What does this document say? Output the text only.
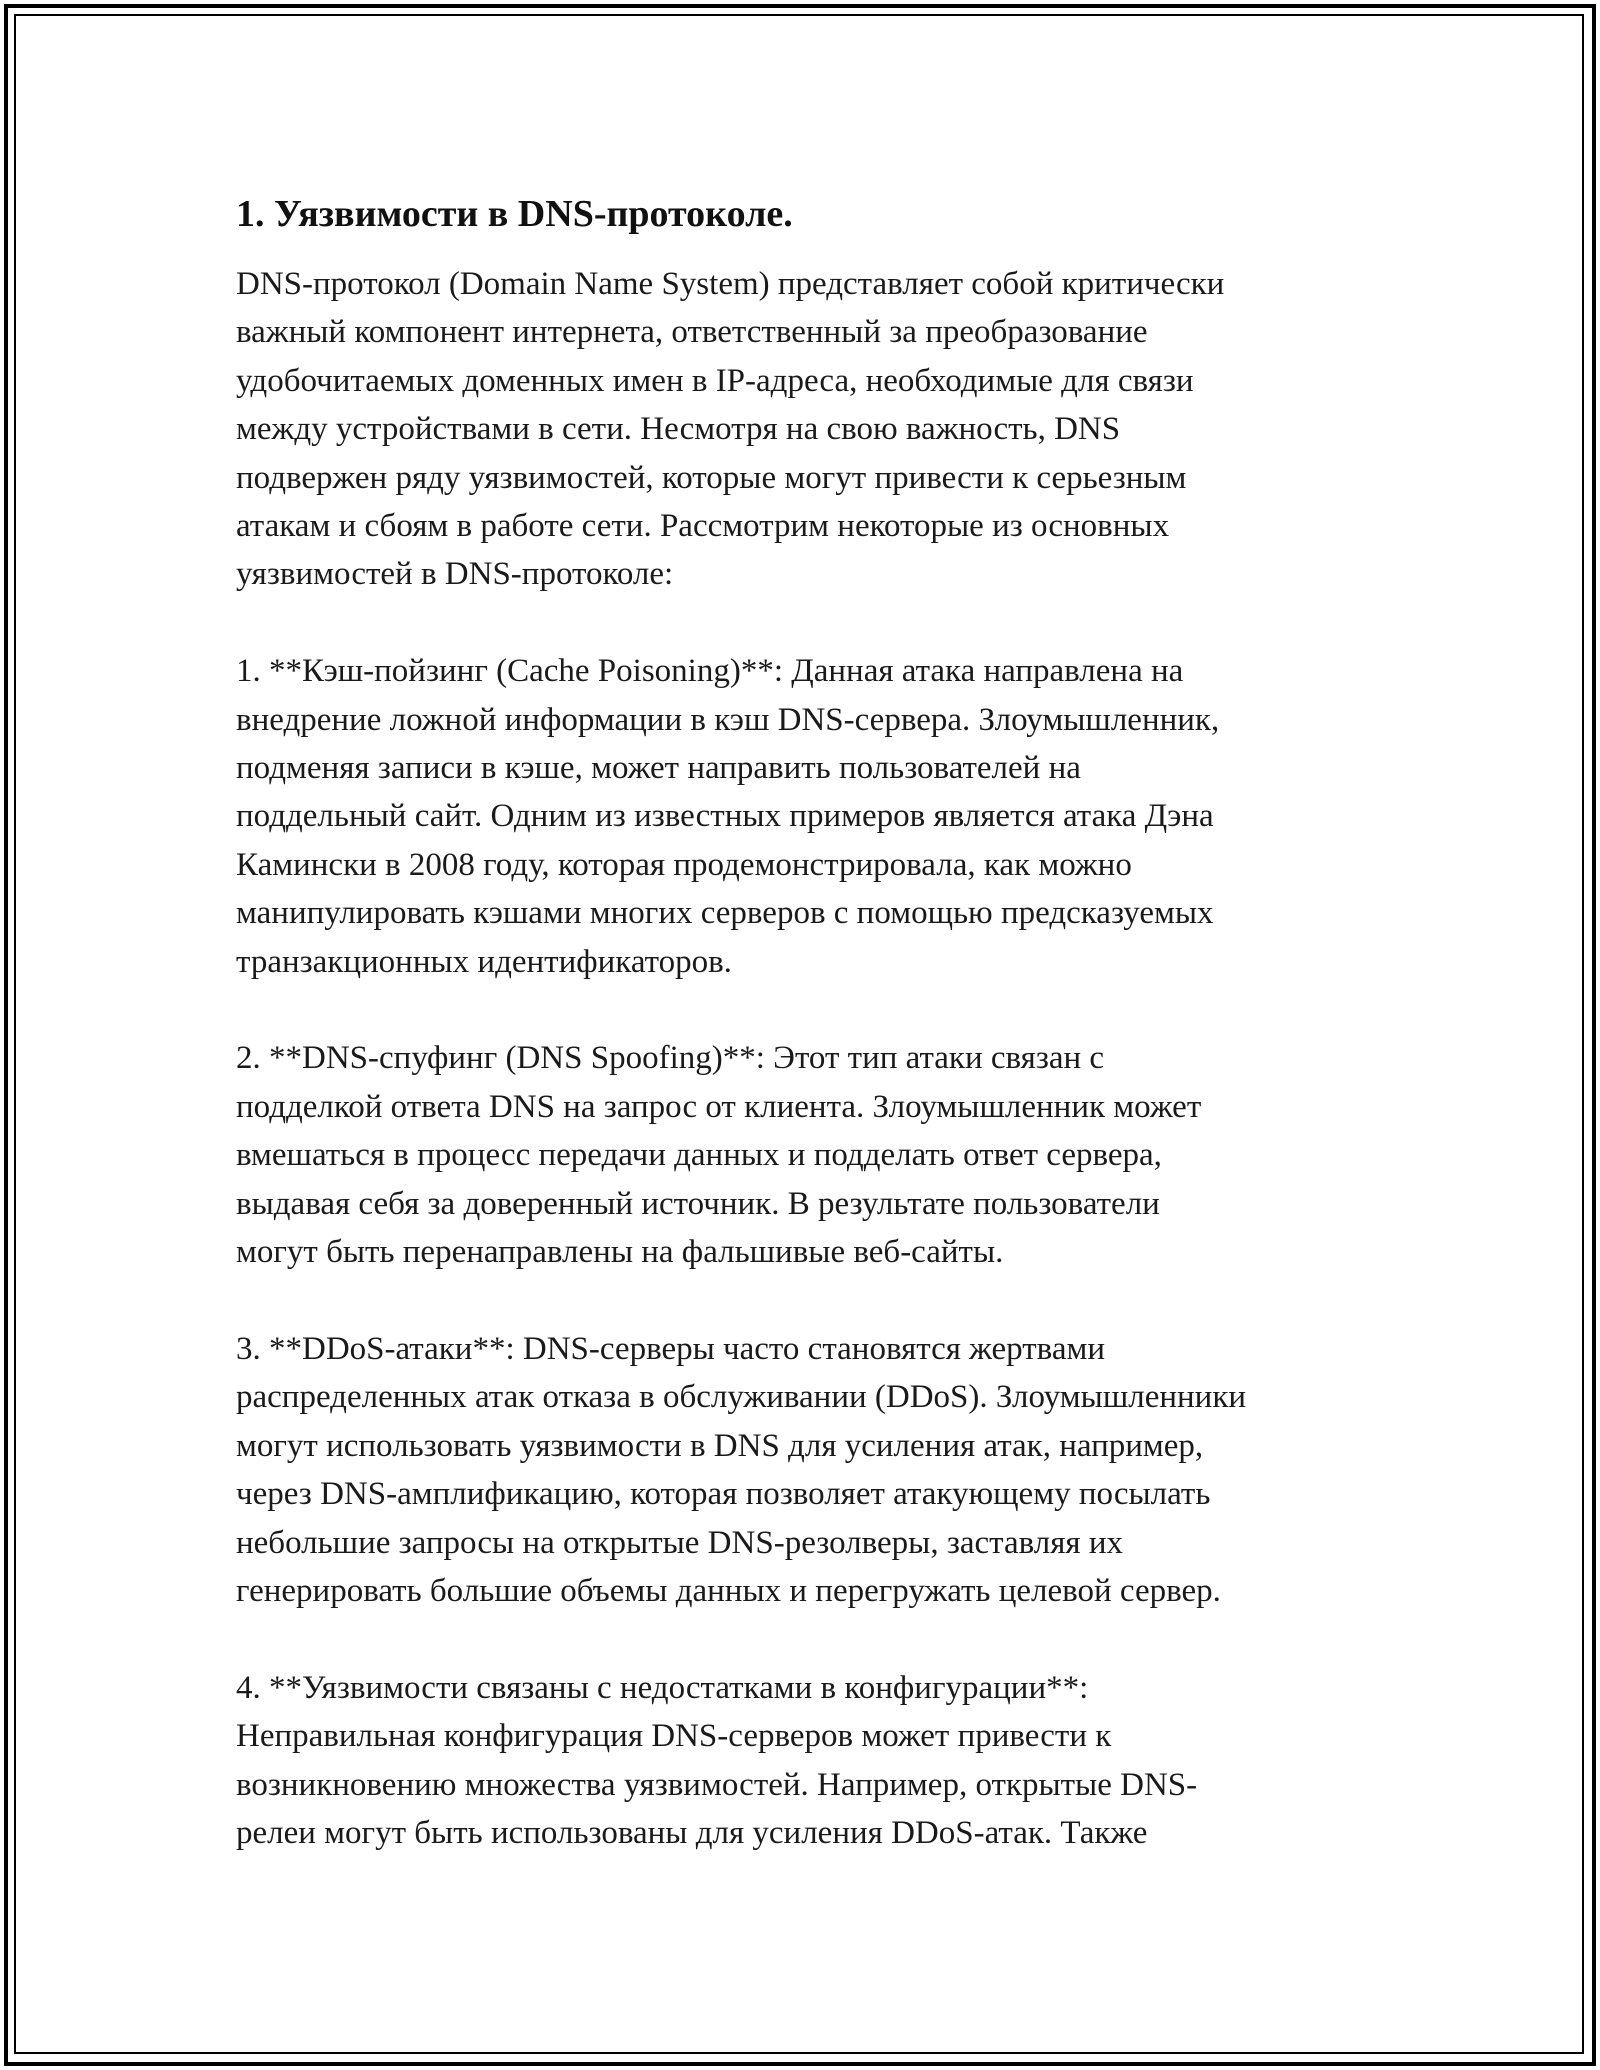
1. Уязвимости в DNS-протоколе.

DNS-протокол (Domain Name System) представляет собой критически
важный компонент интернета, ответственный за преобразование
удобочитаемых доменных имен в IP-адреса, необходимые для связи
между устройствами в сети. Несмотря на свою важность, DNS
подвержен ряду уязвимостей, которые могут привести к серьезным
атакам и сбоям в работе сети. Рассмотрим некоторые из основных
уязвимостей в DNS-протоколе:

1. **Кэш-пойзинг (Cache Poisoning)**: Данная атака направлена на
внедрение ложной информации в кэш DNS-сервера. Злоумышленник,
подменяя записи в кэше, может направить пользователей на
поддельный сайт. Одним из известных примеров является атака Дэна
Камински в 2008 году, которая продемонстрировала, как можно
манипулировать кэшами многих серверов с помощью предсказуемых
транзакционных идентификаторов.

2. **DNS-спуфинг (DNS Spoofing)**: Этот тип атаки связан с
подделкой ответа DNS на запрос от клиента. Злоумышленник может
вмешаться в процесс передачи данных и подделать ответ сервера,
выдавая себя за доверенный источник. В результате пользователи
могут быть перенаправлены на фальшивые веб-сайты.

3. **DDoS-атаки**: DNS-серверы часто становятся жертвами
распределенных атак отказа в обслуживании (DDoS). Злоумышленники
могут использовать уязвимости в DNS для усиления атак, например,
через DNS-амплификацию, которая позволяет атакующему посылать
небольшие запросы на открытые DNS-резолверы, заставляя их
генерировать большие объемы данных и перегружать целевой сервер.

4. **Уязвимости связаны с недостатками в конфигурации**:
Неправильная конфигурация DNS-серверов может привести к
возникновению множества уязвимостей. Например, открытые DNS-
релеи могут быть использованы для усиления DDoS-атак. Также
